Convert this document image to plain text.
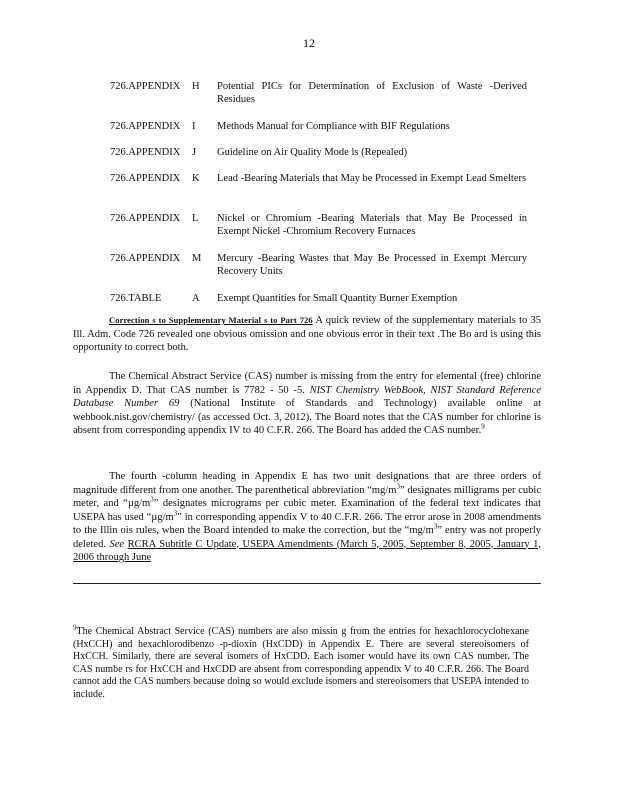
12
726.APPENDIX	H	Potential PICs for Determination of Exclusion of Waste -Derived Residues
726.APPENDIX	I	Methods Manual for Compliance with BIF Regulations
726.APPENDIX	J	Guideline on Air Quality Mode ls (Repealed)
726.APPENDIX	K	Lead -Bearing Materials that May be Processed in Exempt Lead Smelters
726.APPENDIX	L	Nickel or Chromium -Bearing Materials that May Be Processed in Exempt Nickel -Chromium Recovery Furnaces
726.APPENDIX	M	Mercury -Bearing Wastes that May Be Processed in Exempt Mercury Recovery Units
726.TABLE	A	Exempt Quantities for Small Quantity Burner Exemption

Correction s to Supplementary Material s to Part 726 A quick review of the supplementary materials to 35 Ill. Adm. Code 726 revealed one obvious omission and one obvious error in their text .The Bo ard is using this opportunity to correct both.

The Chemical Abstract Service (CAS) number is missing from the entry for elemental (free) chlorine in Appendix D. That CAS number is 7782 - 50 -5. NIST Chemistry WebBook, NIST Standard Reference Database Number 69 (National Institute of Standards and Technology) available online at webbook.nist.gov/chemistry/ (as accessed Oct. 3, 2012). The Board notes that the CAS number for chlorine is absent from corresponding appendix IV to 40 C.F.R. 266. The Board has added the CAS number.$^9$

The fourth -column heading in Appendix E has two unit designations that are three orders of magnitude different from one another. The parenthetical abbreviation “$mg/m^3$” designates milligrams per cubic meter, and “$\mu g/m^3$” designates micrograms per cubic meter. Examination of the federal text indicates that USEPA has used “$\mu g/m^3$” in corresponding appendix V to 40 C.F.R. 266. The error arose in 2008 amendments to the Illin ois rules, when the Board intended to make the correction, but the “$mg/m^3$” entry was not properly deleted. See RCRA Subtitle C Update, USEPA Amendments (March 5, 2005, September 8, 2005, January 1, 2006 through June

$^9$The Chemical Abstract Service (CAS) numbers are also missin g from the entries for hexachlorocyclohexane (HxCCH) and hexachlorodibenzo -p-dioxin (HxCDD) in Appendix E. There are several stereoisomers of HxCCH. Similarly, there are several isomers of HxCDD. Each isomer would have its own CAS number. The CAS numbe rs for HxCCH and HxCDD are absent from corresponding appendix V to 40 C.F.R. 266. The Board cannot add the CAS numbers because doing so would exclude isomers and stereoisomers that USEPA intended to include.
